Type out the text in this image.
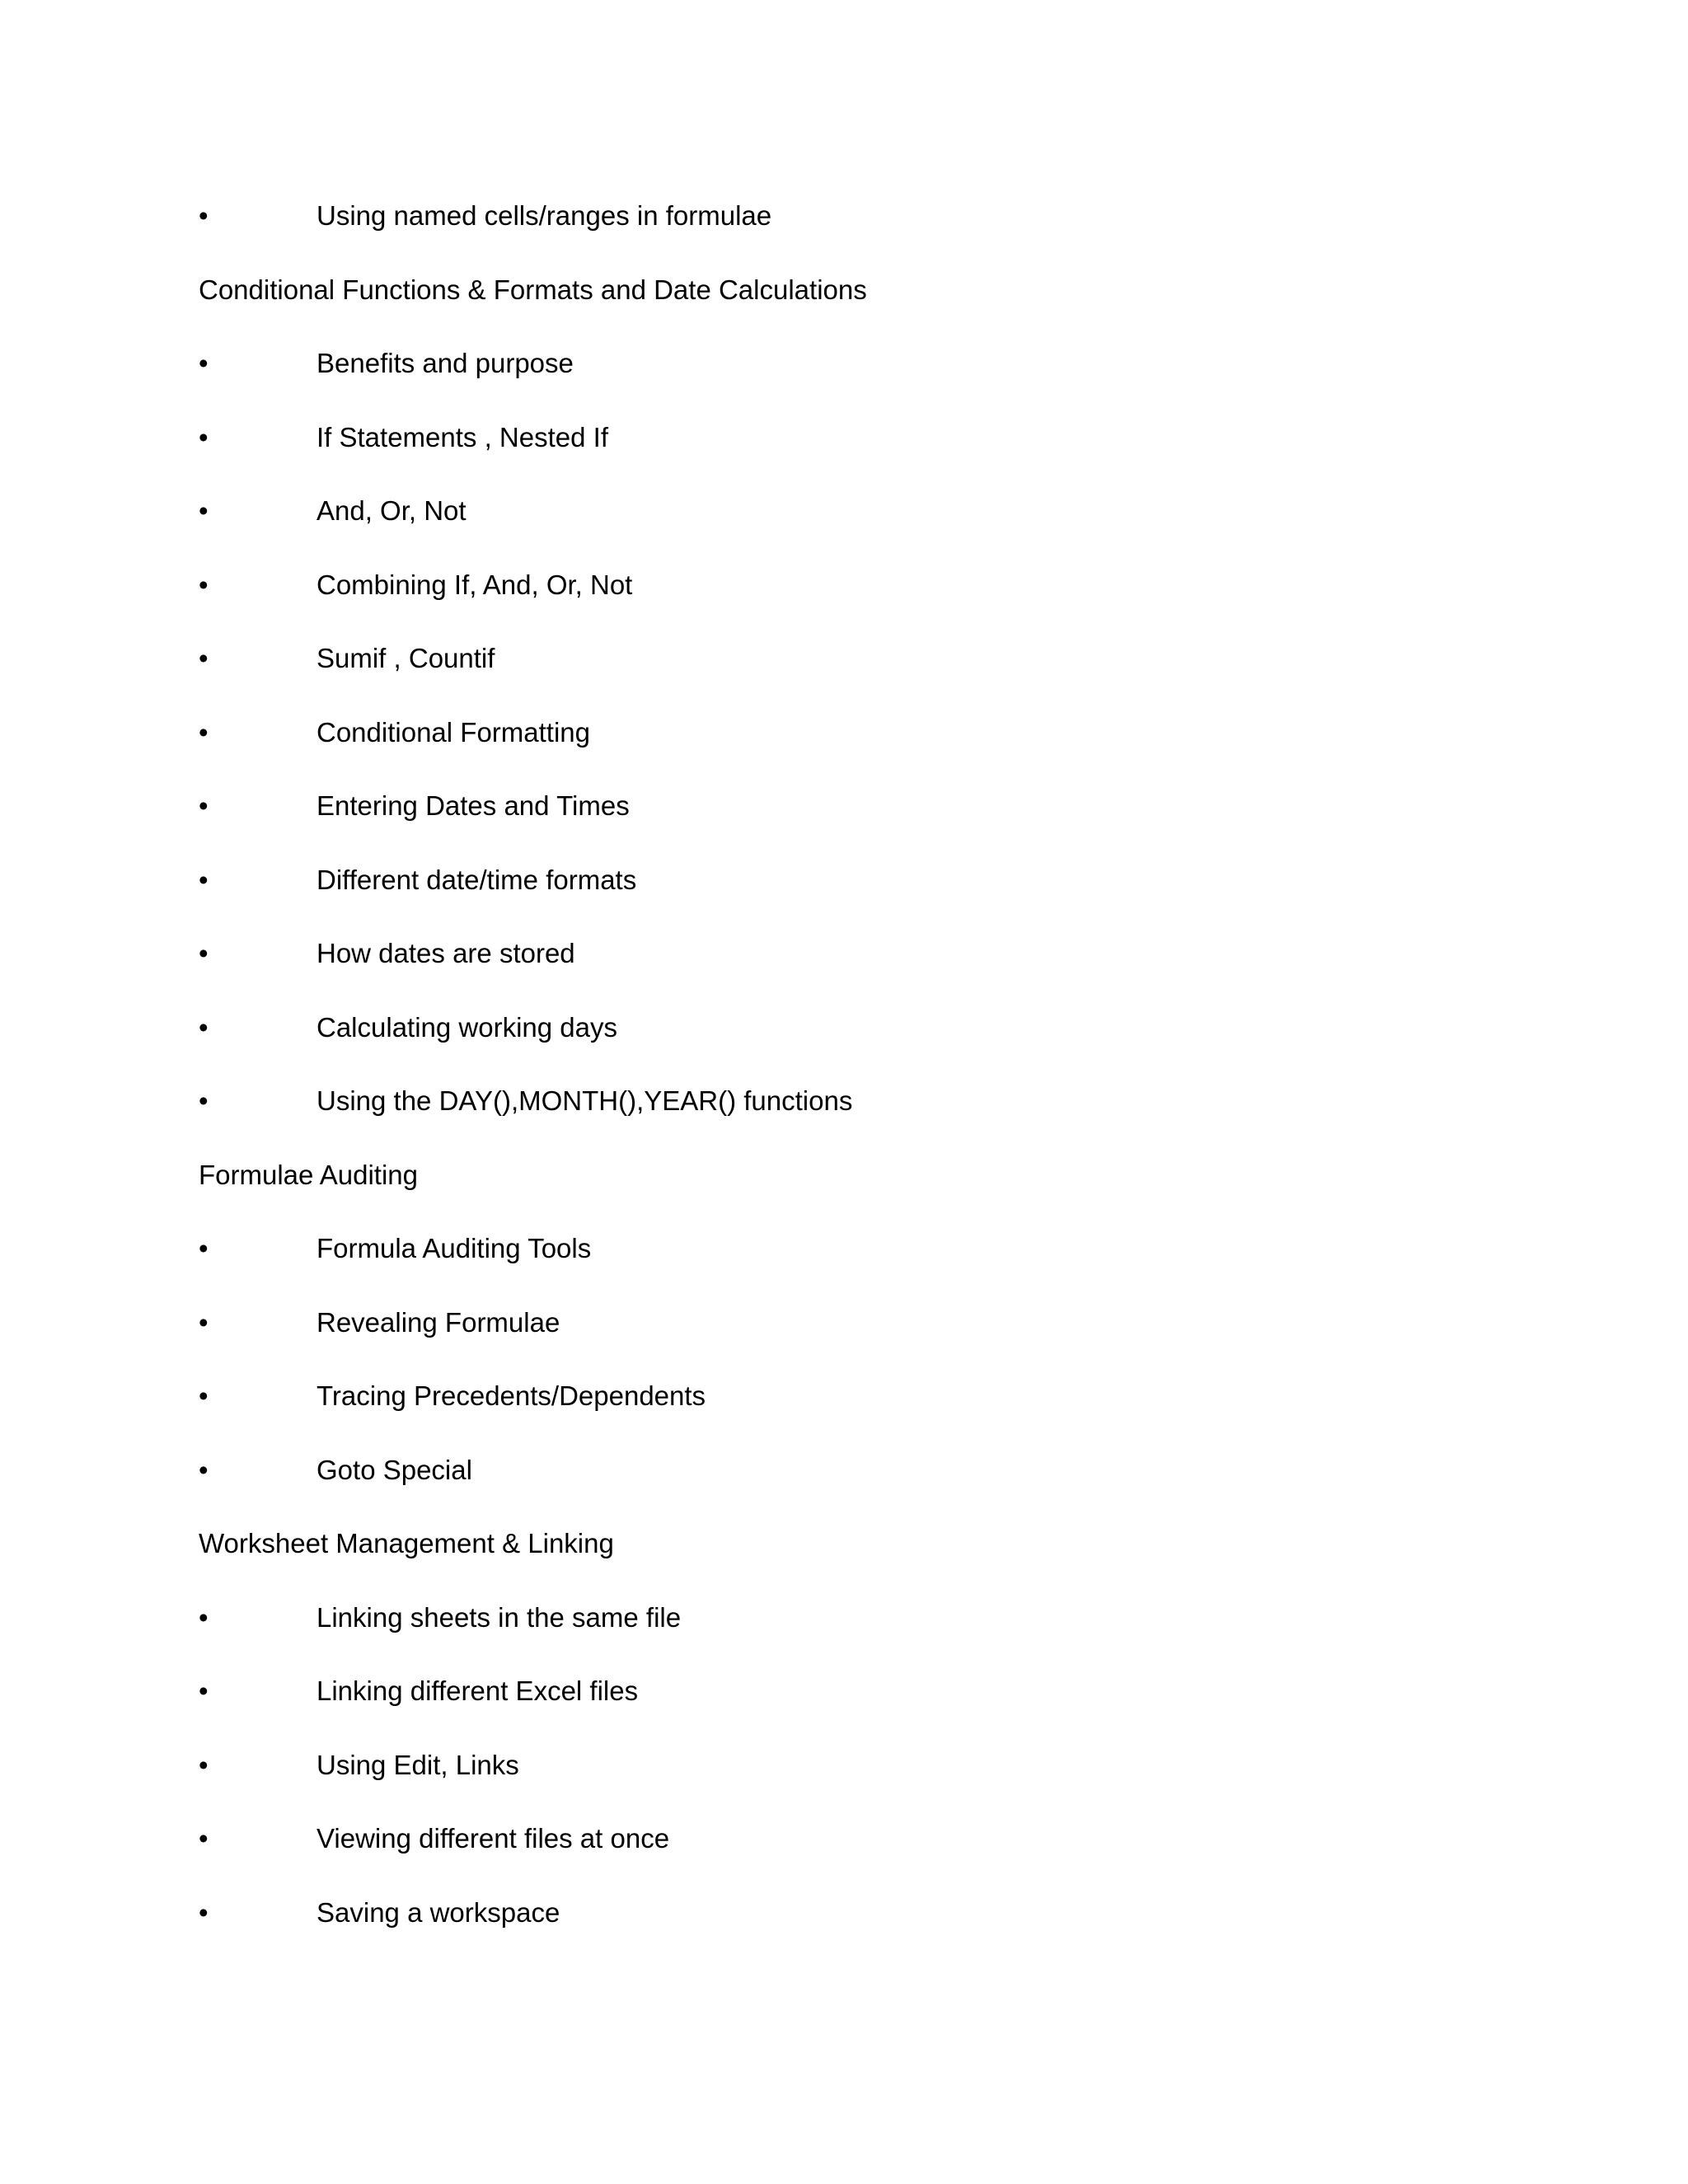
•	Using named cells/ranges in formulae
Conditional Functions & Formats and Date Calculations
•	Benefits and purpose
•	If Statements , Nested If
•	And, Or, Not
•	Combining If, And, Or, Not
•	Sumif , Countif
•	Conditional Formatting
•	Entering Dates and Times
•	Different date/time formats
•	How dates are stored
•	Calculating working days
•	Using the DAY(),MONTH(),YEAR() functions
Formulae Auditing
•	Formula Auditing Tools
•	Revealing Formulae
•	Tracing Precedents/Dependents
•	Goto Special
Worksheet Management & Linking
•	Linking sheets in the same file
•	Linking different Excel files
•	Using Edit, Links
•	Viewing different files at once
•	Saving a workspace
